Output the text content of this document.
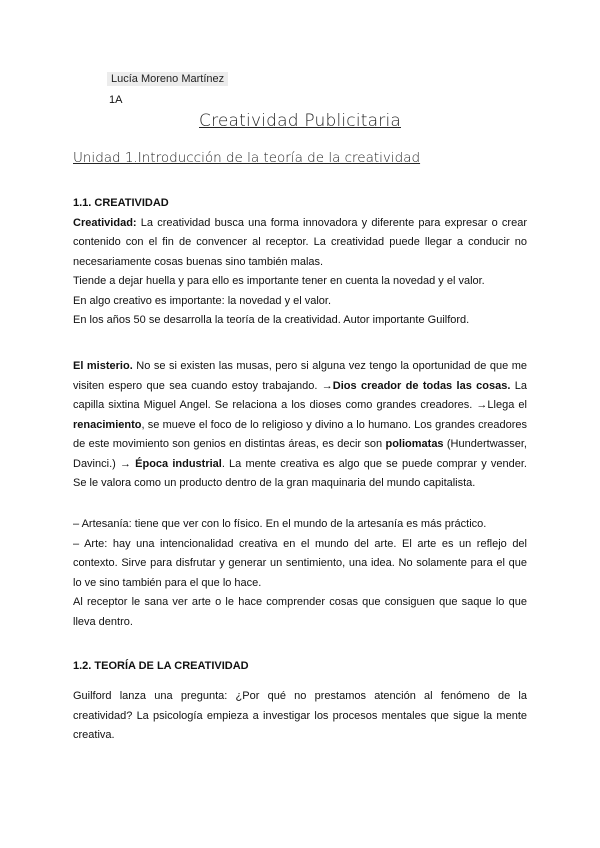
Lucía Moreno Martínez
1A
Creatividad Publicitaria
Unidad 1.Introducción de la teoría de la creatividad
1.1. CREATIVIDAD
Creatividad: La creatividad busca una forma innovadora y diferente para expresar o crear
contenido con el fin de convencer al receptor. La creatividad puede llegar a conducir no
necesariamente cosas buenas sino también malas.
Tiende a dejar huella y para ello es importante tener en cuenta la novedad y el valor.
En algo creativo es importante: la novedad y el valor.
En los años 50 se desarrolla la teoría de la creatividad. Autor importante Guilford.
El misterio. No se si existen las musas, pero si alguna vez tengo la oportunidad de que me
visiten espero que sea cuando estoy trabajando. →Dios creador de todas las cosas. La
capilla sixtina Miguel Angel. Se relaciona a los dioses como grandes creadores. →Llega el
renacimiento, se mueve el foco de lo religioso y divino a lo humano. Los grandes creadores
de este movimiento son genios en distintas áreas, es decir son poliomatas (Hundertwasser,
Davinci.) → Época industrial. La mente creativa es algo que se puede comprar y vender.
Se le valora como un producto dentro de la gran maquinaria del mundo capitalista.
– Artesanía: tiene que ver con lo físico. En el mundo de la artesanía es más práctico.
– Arte: hay una intencionalidad creativa en el mundo del arte. El arte es un reflejo del
contexto. Sirve para disfrutar y generar un sentimiento, una idea. No solamente para el que
lo ve sino también para el que lo hace.
Al receptor le sana ver arte o le hace comprender cosas que consiguen que saque lo que
lleva dentro.
1.2. TEORÍA DE LA CREATIVIDAD
Guilford lanza una pregunta: ¿Por qué no prestamos atención al fenómeno de la
creatividad? La psicología empieza a investigar los procesos mentales que sigue la mente
creativa.
